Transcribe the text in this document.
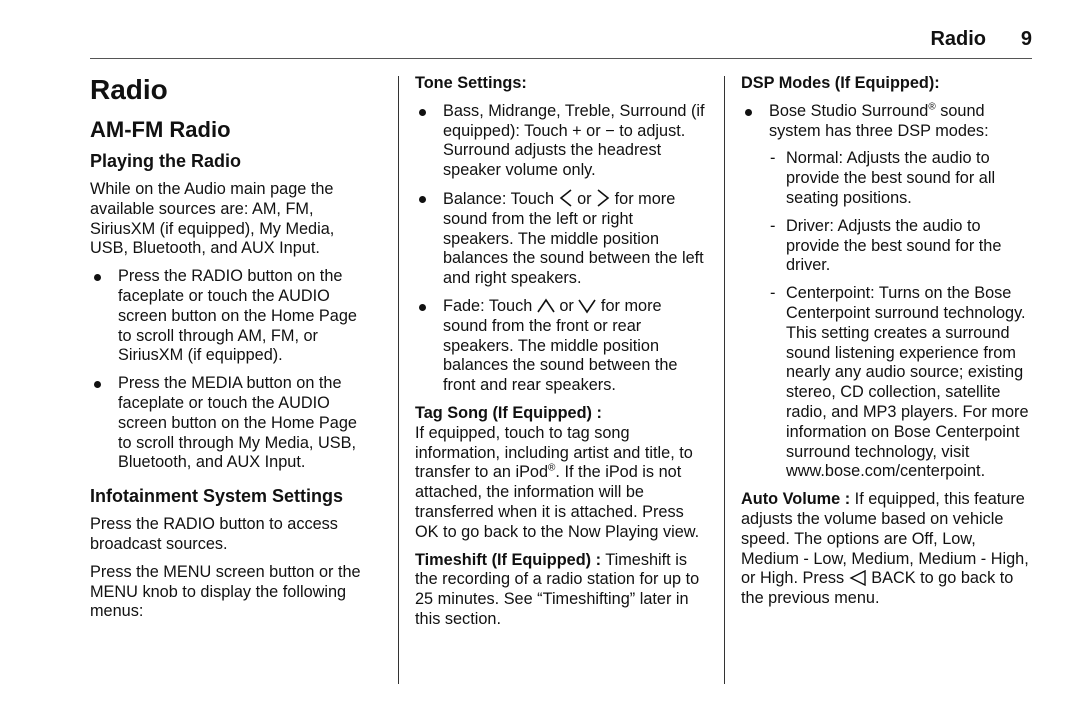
Radio 9
Radio
AM-FM Radio
Playing the Radio
While on the Audio main page the available sources are: AM, FM, SiriusXM (if equipped), My Media, USB, Bluetooth, and AUX Input.
Press the RADIO button on the faceplate or touch the AUDIO screen button on the Home Page to scroll through AM, FM, or SiriusXM (if equipped).
Press the MEDIA button on the faceplate or touch the AUDIO screen button on the Home Page to scroll through My Media, USB, Bluetooth, and AUX Input.
Infotainment System Settings
Press the RADIO button to access broadcast sources.
Press the MENU screen button or the MENU knob to display the following menus:
Tone Settings:
Bass, Midrange, Treble, Surround (if equipped): Touch + or − to adjust. Surround adjusts the headrest speaker volume only.
Balance: Touch or for more sound from the left or right speakers. The middle position balances the sound between the left and right speakers.
Fade: Touch or for more sound from the front or rear speakers. The middle position balances the sound between the front and rear speakers.
Tag Song (If Equipped) :
If equipped, touch to tag song information, including artist and title, to transfer to an iPod®. If the iPod is not attached, the information will be transferred when it is attached. Press OK to go back to the Now Playing view.
Timeshift (If Equipped) : Timeshift is the recording of a radio station for up to 25 minutes. See “Timeshifting” later in this section.
DSP Modes (If Equipped):
Bose Studio Surround® sound system has three DSP modes:
- Normal: Adjusts the audio to provide the best sound for all seating positions.
- Driver: Adjusts the audio to provide the best sound for the driver.
- Centerpoint: Turns on the Bose Centerpoint surround technology. This setting creates a surround sound listening experience from nearly any audio source; existing stereo, CD collection, satellite radio, and MP3 players. For more information on Bose Centerpoint surround technology, visit www.bose.com/centerpoint.
Auto Volume : If equipped, this feature adjusts the volume based on vehicle speed. The options are Off, Low, Medium - Low, Medium, Medium - High, or High. Press BACK to go back to the previous menu.
